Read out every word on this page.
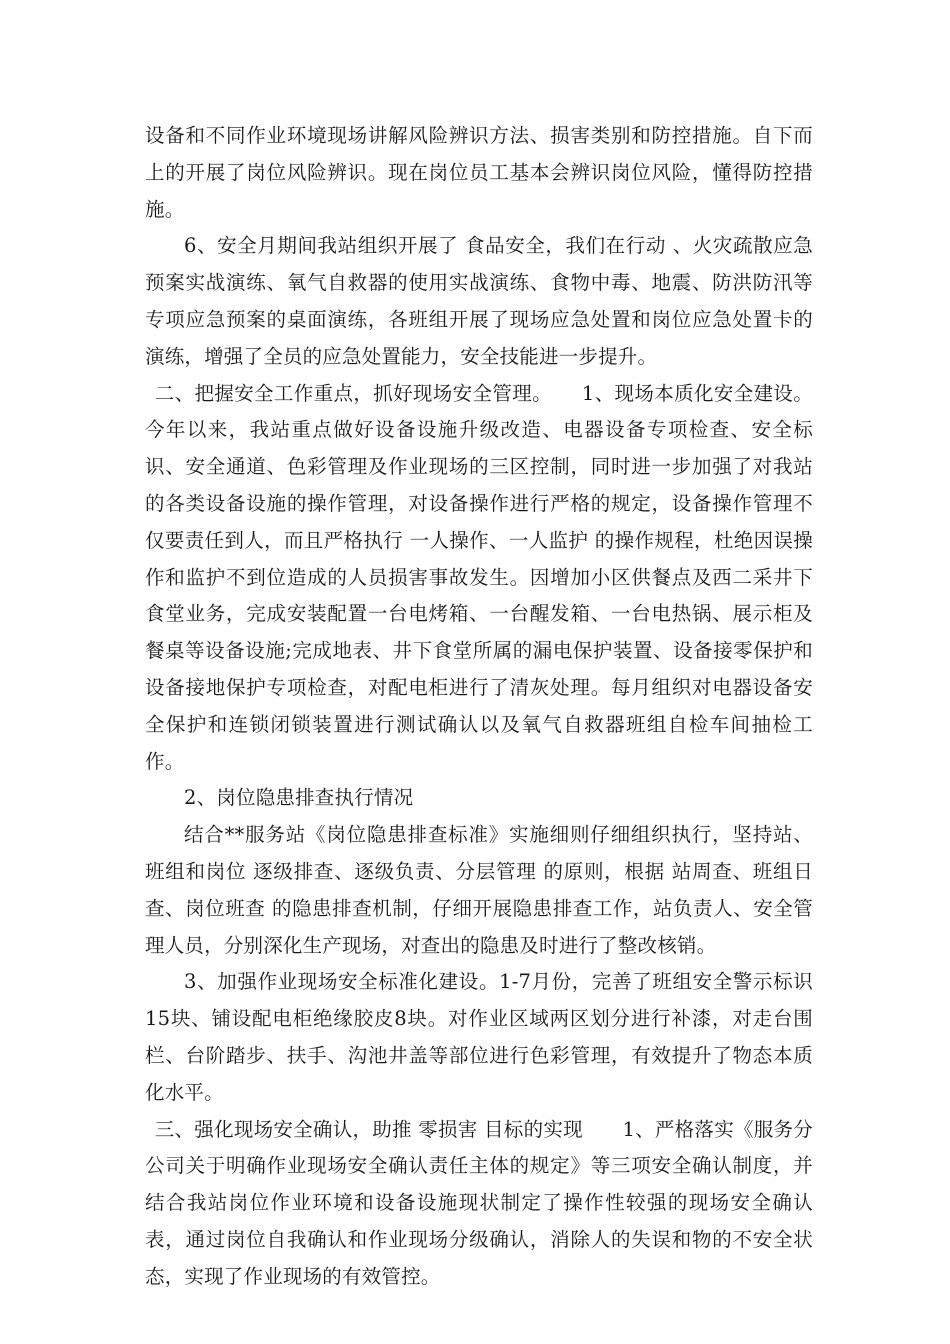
设备和不同作业环境现场讲解风险辨识方法、损害类别和防控措施。自下而上的开展了岗位风险辨识。现在岗位员工基本会辨识岗位风险，懂得防控措施。

6、安全月期间我站组织开展了 食品安全，我们在行动 、火灾疏散应急预案实战演练、氧气自救器的使用实战演练、食物中毒、地震、防洪防汛等专项应急预案的桌面演练，各班组开展了现场应急处置和岗位应急处置卡的演练，增强了全员的应急处置能力，安全技能进一步提升。

二、把握安全工作重点，抓好现场安全管理。　　1、现场本质化安全建设。今年以来，我站重点做好设备设施升级改造、电器设备专项检查、安全标识、安全通道、色彩管理及作业现场的三区控制，同时进一步加强了对我站的各类设备设施的操作管理，对设备操作进行严格的规定，设备操作管理不仅要责任到人，而且严格执行 一人操作、一人监护 的操作规程，杜绝因误操作和监护不到位造成的人员损害事故发生。因增加小区供餐点及西二采井下食堂业务，完成安装配置一台电烤箱、一台醒发箱、一台电热锅、展示柜及餐桌等设备设施;完成地表、井下食堂所属的漏电保护装置、设备接零保护和设备接地保护专项检查，对配电柜进行了清灰处理。每月组织对电器设备安全保护和连锁闭锁装置进行测试确认以及氧气自救器班组自检车间抽检工作。

2、岗位隐患排查执行情况

结合**服务站《岗位隐患排查标准》实施细则仔细组织执行，坚持站、班组和岗位 逐级排查、逐级负责、分层管理 的原则，根据 站周查、班组日查、岗位班查 的隐患排查机制，仔细开展隐患排查工作，站负责人、安全管理人员，分别深化生产现场，对查出的隐患及时进行了整改核销。

3、加强作业现场安全标准化建设。1-7月份，完善了班组安全警示标识15块、铺设配电柜绝缘胶皮8块。对作业区域两区划分进行补漆，对走台围栏、台阶踏步、扶手、沟池井盖等部位进行色彩管理，有效提升了物态本质化水平。

三、强化现场安全确认，助推 零损害 目标的实现　　1、严格落实《服务分公司关于明确作业现场安全确认责任主体的规定》等三项安全确认制度，并结合我站岗位作业环境和设备设施现状制定了操作性较强的现场安全确认表，通过岗位自我确认和作业现场分级确认，消除人的失误和物的不安全状态，实现了作业现场的有效管控。
